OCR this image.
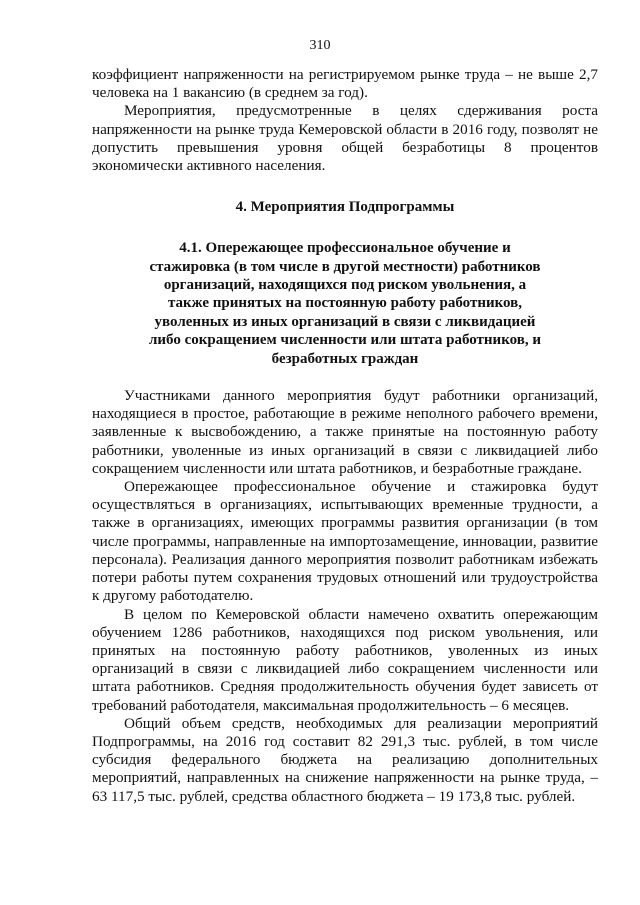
310

коэффициент напряженности на регистрируемом рынке труда – не выше 2,7 человека на 1 вакансию (в среднем за год).

Мероприятия, предусмотренные в целях сдерживания роста напряженности на рынке труда Кемеровской области в 2016 году, позволят не допустить превышения уровня общей безработицы 8 процентов экономически активного населения.

4. Мероприятия Подпрограммы
4.1. Опережающее профессиональное обучение и стажировка (в том числе в другой местности) работников организаций, находящихся под риском увольнения, а также принятых на постоянную работу работников, уволенных из иных организаций в связи с ликвидацией либо сокращением численности или штата работников, и безработных граждан

Участниками данного мероприятия будут работники организаций, находящиеся в простое, работающие в режиме неполного рабочего времени, заявленные к высвобождению, а также принятые на постоянную работу работники, уволенные из иных организаций в связи с ликвидацией либо сокращением численности или штата работников, и безработные граждане.

Опережающее профессиональное обучение и стажировка будут осуществляться в организациях, испытывающих временные трудности, а также в организациях, имеющих программы развития организации (в том числе программы, направленные на импортозамещение, инновации, развитие персонала). Реализация данного мероприятия позволит работникам избежать потери работы путем сохранения трудовых отношений или трудоустройства к другому работодателю.

В целом по Кемеровской области намечено охватить опережающим обучением 1286 работников, находящихся под риском увольнения, или принятых на постоянную работу работников, уволенных из иных организаций в связи с ликвидацией либо сокращением численности или штата работников. Средняя продолжительность обучения будет зависеть от требований работодателя, максимальная продолжительность – 6 месяцев.

Общий объем средств, необходимых для реализации мероприятий Подпрограммы, на 2016 год составит 82 291,3 тыс. рублей, в том числе субсидия федерального бюджета на реализацию дополнительных мероприятий, направленных на снижение напряженности на рынке труда, – 63 117,5 тыс. рублей, средства областного бюджета – 19 173,8 тыс. рублей.
